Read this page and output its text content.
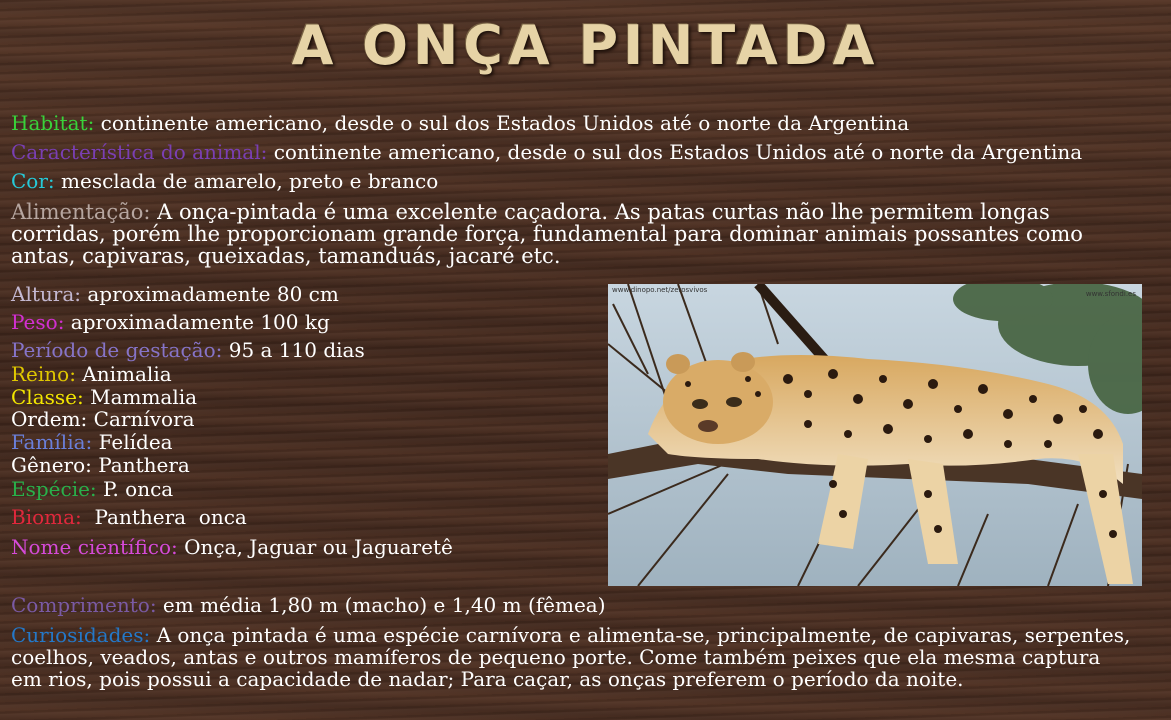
A ONÇA PINTADA
Habitat: continente americano, desde o sul dos Estados Unidos até o norte da Argentina
Característica do animal: continente americano, desde o sul dos Estados Unidos até o norte da Argentina
Cor: mesclada de amarelo, preto e branco
Alimentação: A onça-pintada é uma excelente caçadora. As patas curtas não lhe permitem longas corridas, porém lhe proporcionam grande força, fundamental para dominar animais possantes como antas, capivaras, queixadas, tamanduás, jacaré etc.
Altura: aproximadamente 80 cm
Peso: aproximadamente 100 kg
Período de gestação: 95 a 110 dias
Reino: Animalia
Classe: Mammalia
Ordem: Carnívora
Família: Felídea
Gênero: Panthera
Espécie: P. onca
Bioma:  Panthera  onca
Nome científico: Onça, Jaguar ou Jaguaretê
Comprimento: em média 1,80 m (macho) e 1,40 m (fêmea)
Curiosidades: A onça pintada é uma espécie carnívora e alimenta-se, principalmente, de capivaras, serpentes, coelhos, veados, antas e outros mamíferos de pequeno porte. Come também peixes que ela mesma captura em rios, pois possui a capacidade de nadar; Para caçar, as onças preferem o período da noite.
www.dinopo.net/zerosvivos	www.sfondi.es
